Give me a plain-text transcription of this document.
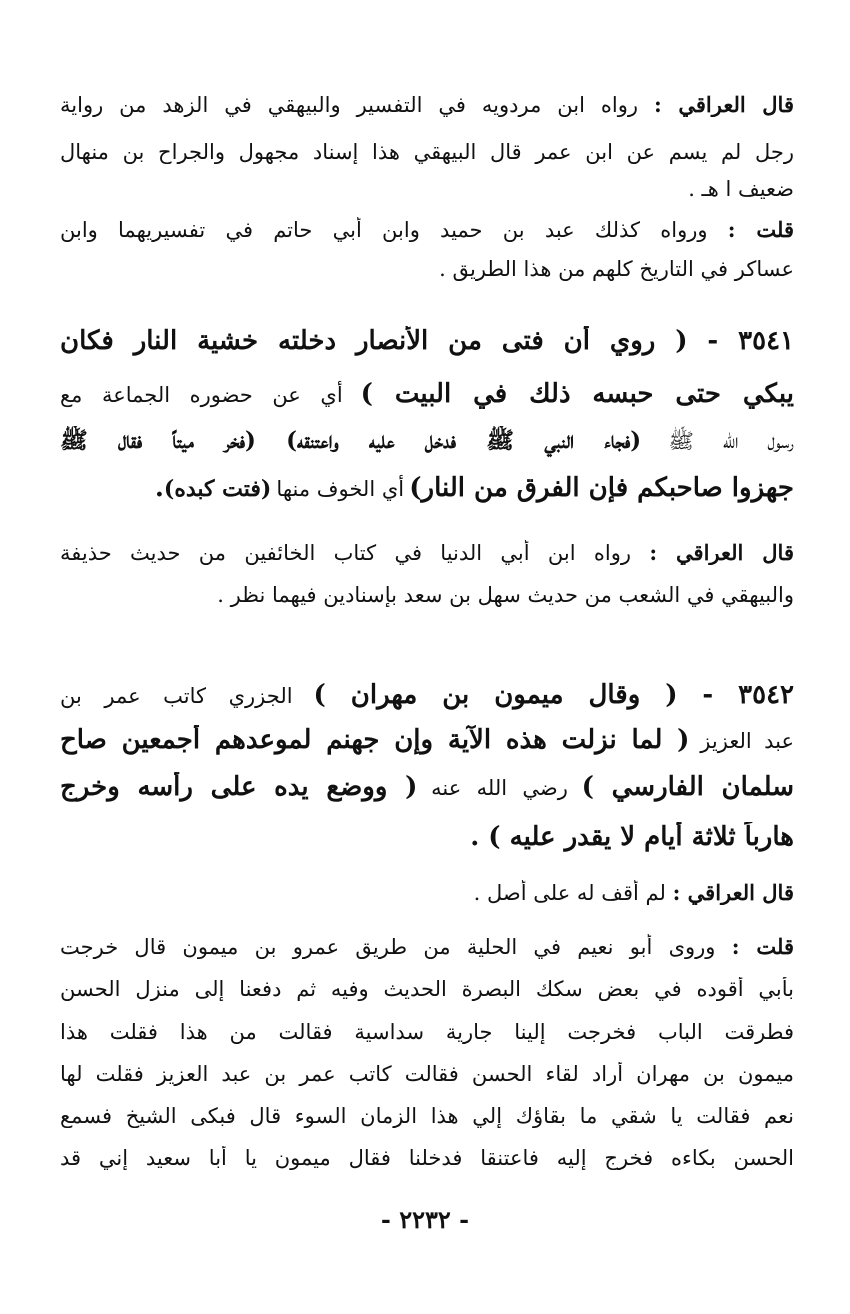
قال العراقي : رواه ابن مردويه في التفسير والبيهقي في الزهد من رواية
رجل لم يسم عن ابن عمر قال البيهقي هذا إسناد مجهول والجراح بن منهال
ضعيف ا هـ .
قلت : ورواه كذلك عبد بن حميد وابن أبي حاتم في تفسيريهما وابن
عساكر في التاريخ كلهم من هذا الطريق .
٣٥٤١ - ( روي أن فتى من الأنصار دخلته خشية النار فكان
يبكي حتى حبسه ذلك في البيت ) أي عن حضوره الجماعة مع
رسول الله ﷺ (فجاء النبي ﷺ فدخل عليه واعتنقه) (فخر ميتاً فقال ﷺ
جهزوا صاحبكم فإن الفرق من النار) أي الخوف منها (فتت كبده).
قال العراقي : رواه ابن أبي الدنيا في كتاب الخائفين من حديث حذيفة
والبيهقي في الشعب من حديث سهل بن سعد بإسنادين فيهما نظر .
٣٥٤٢ - ( وقال ميمون بن مهران ) الجزري كاتب عمر بن
عبد العزيز ( لما نزلت هذه الآية وإن جهنم لموعدهم أجمعين صاح
سلمان الفارسي ) رضي الله عنه ( ووضع يده على رأسه وخرج
هارباً ثلاثة أيام لا يقدر عليه ) .
قال العراقي : لم أقف له على أصل .
قلت : وروى أبو نعيم في الحلية من طريق عمرو بن ميمون قال خرجت
بأبي أقوده في بعض سكك البصرة الحديث وفيه ثم دفعنا إلى منزل الحسن
فطرقت الباب فخرجت إلينا جارية سداسية فقالت من هذا فقلت هذا
ميمون بن مهران أراد لقاء الحسن فقالت كاتب عمر بن عبد العزيز فقلت لها
نعم فقالت يا شقي ما بقاؤك إلي هذا الزمان السوء قال فبكى الشيخ فسمع
الحسن بكاءه فخرج إليه فاعتنقا فدخلنا فقال ميمون يا أبا سعيد إني قد
- ٢٢٣٢ -
